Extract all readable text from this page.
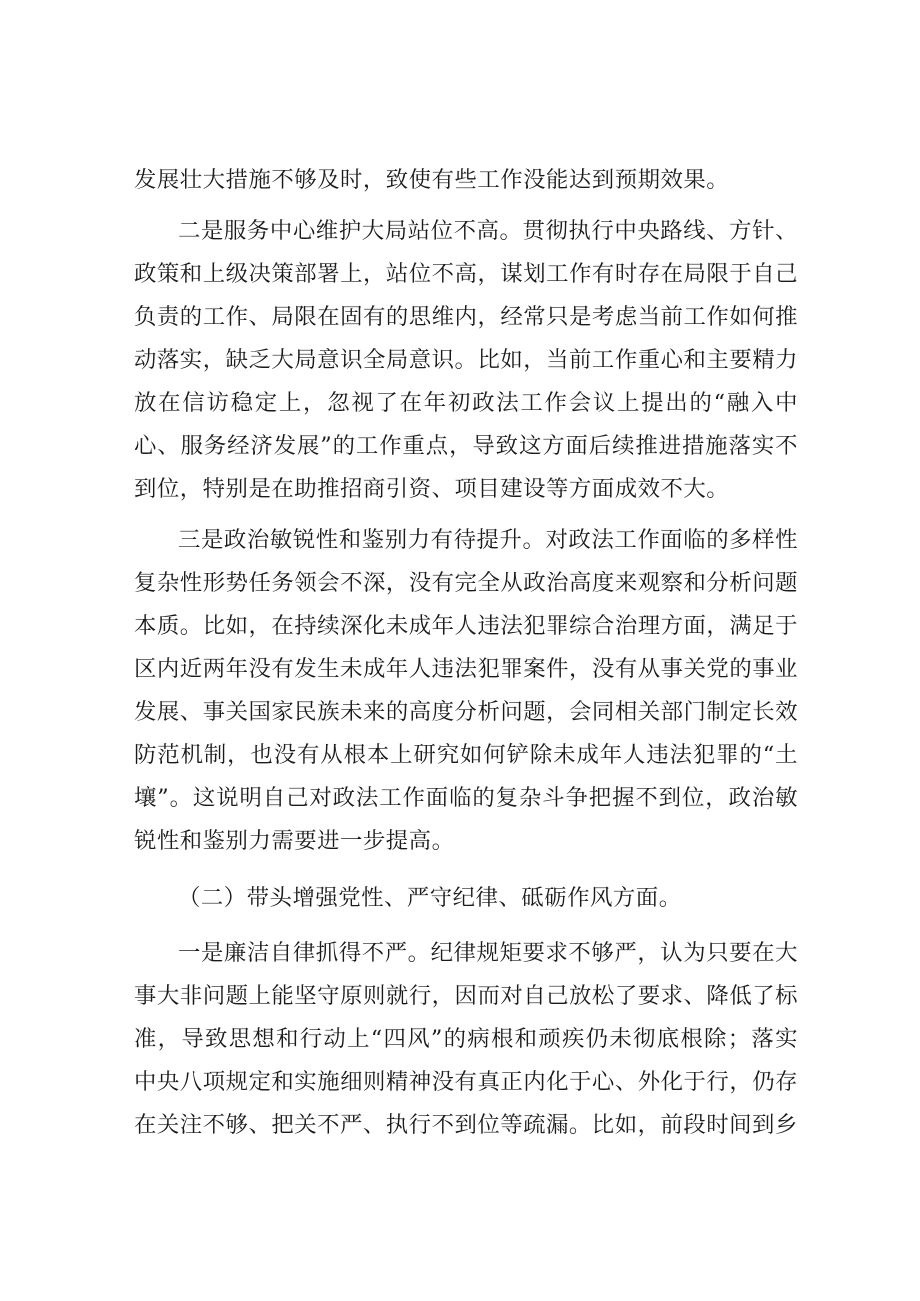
发展壮大措施不够及时，致使有些工作没能达到预期效果。

二是服务中心维护大局站位不高。贯彻执行中央路线、方针、政策和上级决策部署上，站位不高，谋划工作有时存在局限于自己负责的工作、局限在固有的思维内，经常只是考虑当前工作如何推动落实，缺乏大局意识全局意识。比如，当前工作重心和主要精力放在信访稳定上，忽视了在年初政法工作会议上提出的“融入中心、服务经济发展”的工作重点，导致这方面后续推进措施落实不到位，特别是在助推招商引资、项目建设等方面成效不大。

三是政治敏锐性和鉴别力有待提升。对政法工作面临的多样性复杂性形势任务领会不深，没有完全从政治高度来观察和分析问题本质。比如，在持续深化未成年人违法犯罪综合治理方面，满足于区内近两年没有发生未成年人违法犯罪案件，没有从事关党的事业发展、事关国家民族未来的高度分析问题，会同相关部门制定长效防范机制，也没有从根本上研究如何铲除未成年人违法犯罪的“土壤”。这说明自己对政法工作面临的复杂斗争把握不到位，政治敏锐性和鉴别力需要进一步提高。

（二）带头增强党性、严守纪律、砥砺作风方面。

一是廉洁自律抓得不严。纪律规矩要求不够严，认为只要在大事大非问题上能坚守原则就行，因而对自己放松了要求、降低了标准，导致思想和行动上“四风”的病根和顽疾仍未彻底根除；落实中央八项规定和实施细则精神没有真正内化于心、外化于行，仍存在关注不够、把关不严、执行不到位等疏漏。比如，前段时间到乡
